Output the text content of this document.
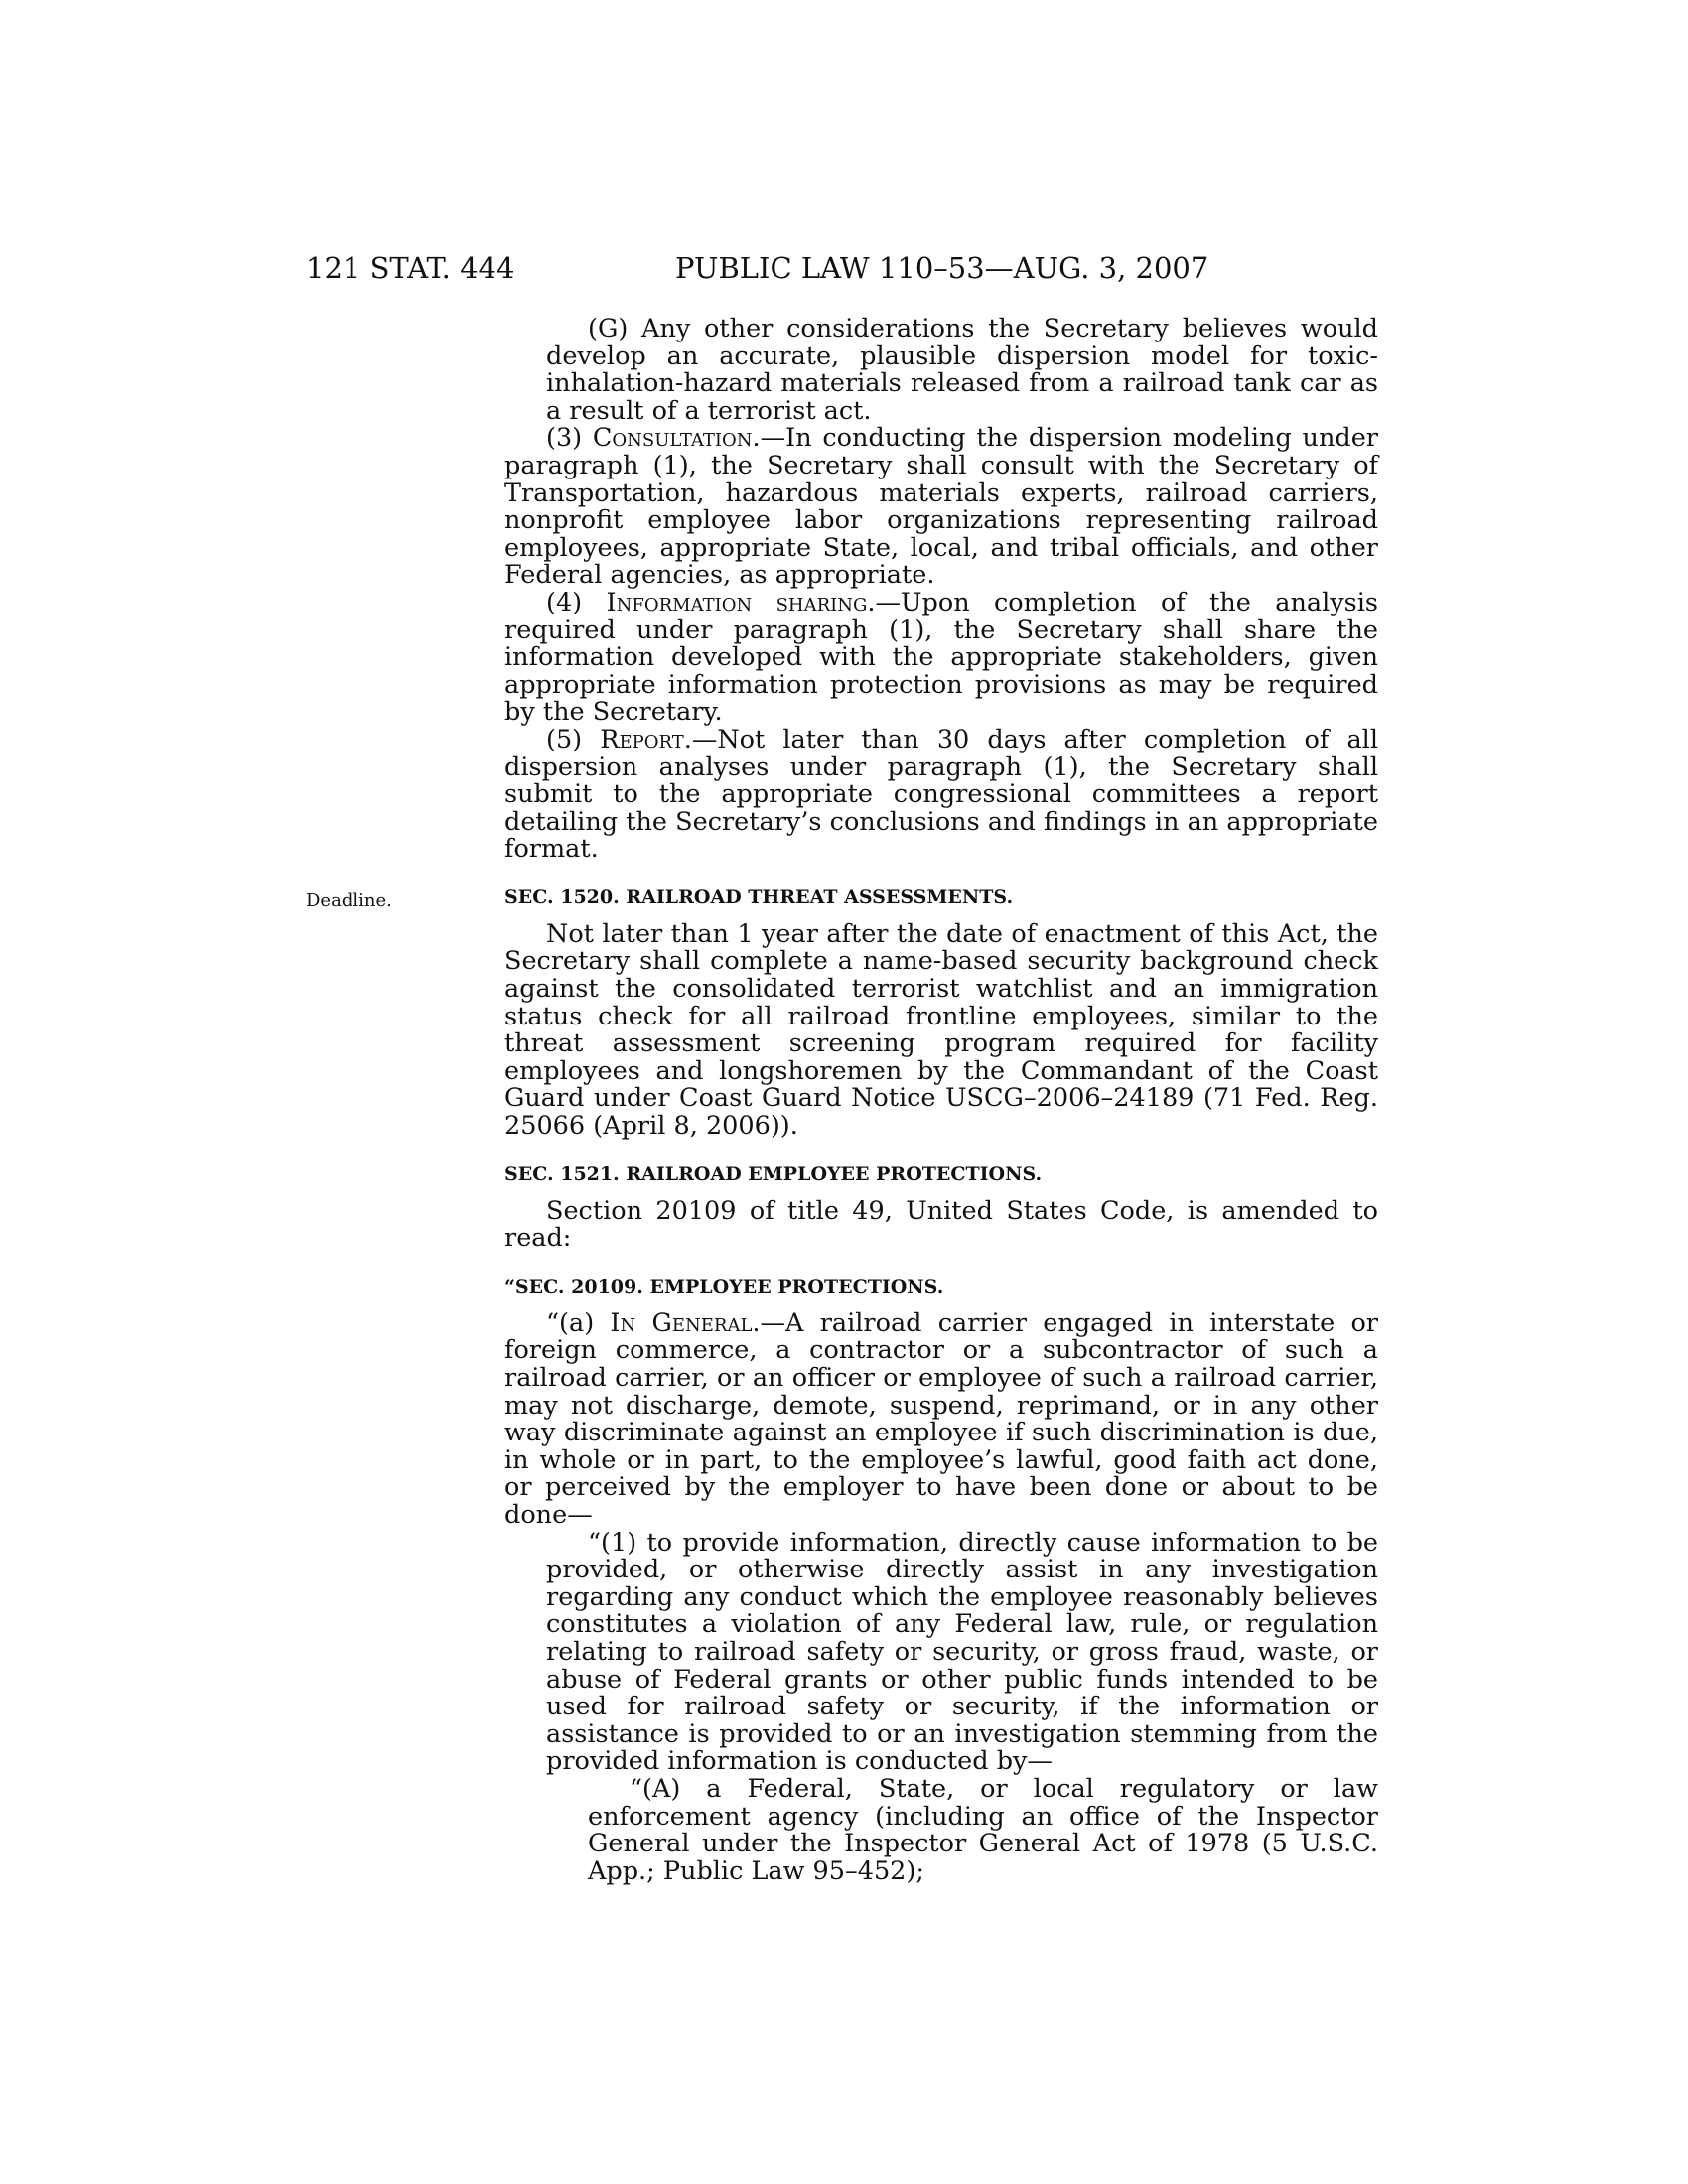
121 STAT. 444	PUBLIC LAW 110–53—AUG. 3, 2007
Deadline.

(G) Any other considerations the Secretary believes would develop an accurate, plausible dispersion model for toxic-inhalation-hazard materials released from a railroad tank car as a result of a terrorist act.

(3) Consultation.—In conducting the dispersion modeling under paragraph (1), the Secretary shall consult with the Secretary of Transportation, hazardous materials experts, railroad carriers, nonprofit employee labor organizations representing railroad employees, appropriate State, local, and tribal officials, and other Federal agencies, as appropriate.

(4) Information sharing.—Upon completion of the analysis required under paragraph (1), the Secretary shall share the information developed with the appropriate stakeholders, given appropriate information protection provisions as may be required by the Secretary.

(5) Report.—Not later than 30 days after completion of all dispersion analyses under paragraph (1), the Secretary shall submit to the appropriate congressional committees a report detailing the Secretary’s conclusions and findings in an appropriate format.

SEC. 1520. RAILROAD THREAT ASSESSMENTS.

Not later than 1 year after the date of enactment of this Act, the Secretary shall complete a name-based security background check against the consolidated terrorist watchlist and an immigration status check for all railroad frontline employees, similar to the threat assessment screening program required for facility employees and longshoremen by the Commandant of the Coast Guard under Coast Guard Notice USCG–2006–24189 (71 Fed. Reg. 25066 (April 8, 2006)).

SEC. 1521. RAILROAD EMPLOYEE PROTECTIONS.

Section 20109 of title 49, United States Code, is amended to read:

“SEC. 20109. EMPLOYEE PROTECTIONS.

“(a) In General.—A railroad carrier engaged in interstate or foreign commerce, a contractor or a subcontractor of such a railroad carrier, or an officer or employee of such a railroad carrier, may not discharge, demote, suspend, reprimand, or in any other way discriminate against an employee if such discrimination is due, in whole or in part, to the employee’s lawful, good faith act done, or perceived by the employer to have been done or about to be done—

“(1) to provide information, directly cause information to be provided, or otherwise directly assist in any investigation regarding any conduct which the employee reasonably believes constitutes a violation of any Federal law, rule, or regulation relating to railroad safety or security, or gross fraud, waste, or abuse of Federal grants or other public funds intended to be used for railroad safety or security, if the information or assistance is provided to or an investigation stemming from the provided information is conducted by—

“(A) a Federal, State, or local regulatory or law enforcement agency (including an office of the Inspector General under the Inspector General Act of 1978 (5 U.S.C. App.; Public Law 95–452);
